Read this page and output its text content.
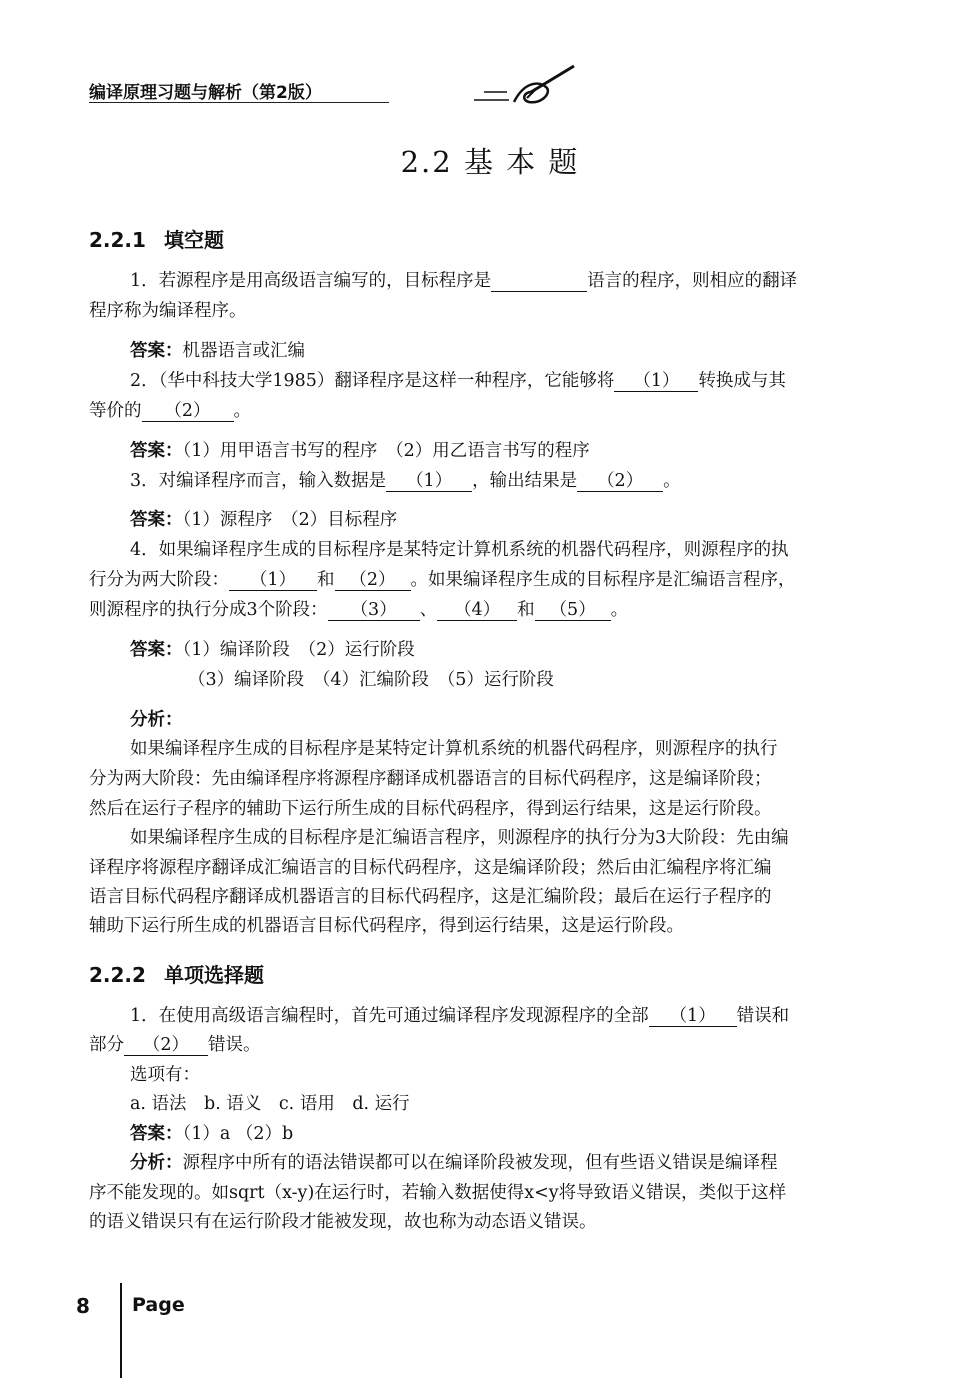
编译原理习题与解析（第2版）
2.2 基 本 题
2.2.1 填空题
1．若源程序是用高级语言编写的，目标程序是	语言的程序，则相应的翻译
程序称为编译程序。
答案：机器语言或汇编
2．（华中科技大学1985）翻译程序是这样一种程序，它能够将 （1） 转换成与其
等价的 （2） 。
答案：（1）用甲语言书写的程序　（2）用乙语言书写的程序
3．对编译程序而言，输入数据是 （1） ，输出结果是 （2） 。
答案：（1）源程序　（2）目标程序
4．如果编译程序生成的目标程序是某特定计算机系统的机器代码程序，则源程序的执
行分为两大阶段： （1） 和 （2） 。如果编译程序生成的目标程序是汇编语言程序，
则源程序的执行分成3个阶段： （3） 、 （4） 和 （5） 。
答案：（1）编译阶段　（2）运行阶段
（3）编译阶段　（4）汇编阶段　（5）运行阶段
分析：
如果编译程序生成的目标程序是某特定计算机系统的机器代码程序，则源程序的执行
分为两大阶段：先由编译程序将源程序翻译成机器语言的目标代码程序，这是编译阶段；
然后在运行子程序的辅助下运行所生成的目标代码程序，得到运行结果，这是运行阶段。
如果编译程序生成的目标程序是汇编语言程序，则源程序的执行分为3大阶段：先由编
译程序将源程序翻译成汇编语言的目标代码程序，这是编译阶段；然后由汇编程序将汇编
语言目标代码程序翻译成机器语言的目标代码程序，这是汇编阶段；最后在运行子程序的
辅助下运行所生成的机器语言目标代码程序，得到运行结果，这是运行阶段。
2.2.2 单项选择题
1．在使用高级语言编程时，首先可通过编译程序发现源程序的全部 （1） 错误和
部分 （2） 错误。
选项有：
a. 语法　b. 语义　c. 语用　d. 运行
答案：（1）a （2）b
分析：源程序中所有的语法错误都可以在编译阶段被发现，但有些语义错误是编译程
序不能发现的。如sqrt（x-y)在运行时，若输入数据使得x<y将导致语义错误，类似于这样
的语义错误只有在运行阶段才能被发现，故也称为动态语义错误。
8 Page
